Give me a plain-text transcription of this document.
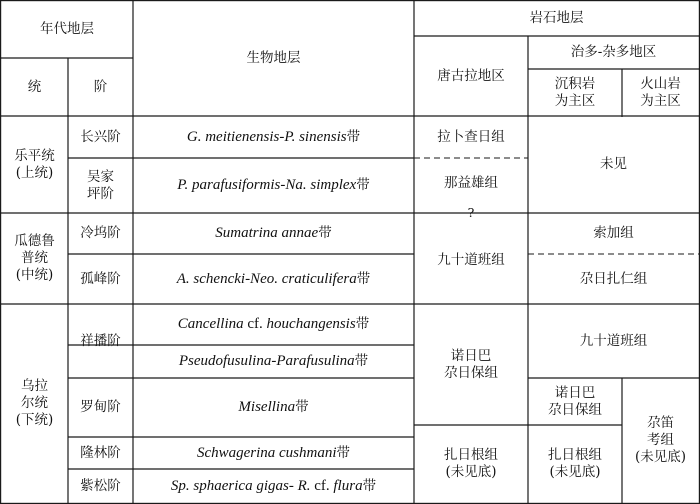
年代地层
统	阶
生物地层
岩石地层
唐古拉地区
治多-杂多地区
沉积岩
为主区
火山岩
为主区
乐平统
(上统)
瓜德鲁
普统
(中统)
乌拉
尔统
(下统)
长兴阶
吴家
坪阶
冷坞阶
孤峰阶
祥播阶
罗甸阶
隆林阶
紫松阶
G. meitienensis-P. sinensis 带
P. parafusiformis-Na. simplex 带
Sumatrina annae 带
A. schencki-Neo. craticulifera 带
Cancellina cf. houchangensis 带
Pseudofusulina-Parafusulina 带
Misellina 带
Schwagerina cushmani 带
Sp. sphaerica gigas- R. cf. flura 带
拉卜查日组
那益雄组
?
九十道班组
诺日巴
尕日保组
扎日根组
(未见底)
未见
索加组
尕日扎仁组
九十道班组
诺日巴
尕日保组
扎日根组
(未见底)
尕笛
考组
(未见底)
